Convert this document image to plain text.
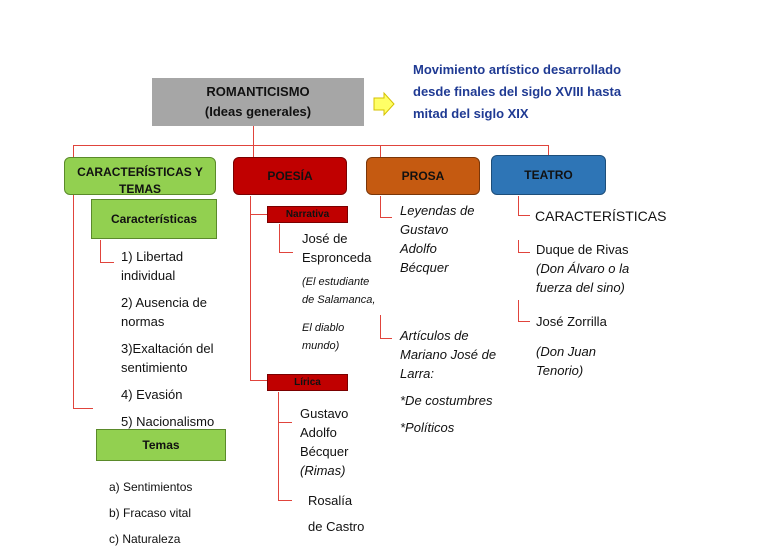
ROMANTICISMO
(Ideas generales)
Movimiento artístico desarrollado
desde finales del siglo XVIII hasta
mitad del siglo XIX
CARACTERÍSTICAS Y TEMAS
POESÍA	PROSA	TEATRO
Características
1) Libertad
individual
2) Ausencia de
normas
3)Exaltación del
sentimiento
4) Evasión
5) Nacionalismo
Temas
a) Sentimientos
b) Fracaso vital
c) Naturaleza
Narrativa
José de
Espronceda
(El estudiante
de Salamanca,
El diablo
mundo)
Lírica
Gustavo
Adolfo
Bécquer
(Rimas)
Rosalía
de Castro
Leyendas de
Gustavo
Adolfo
Bécquer
Artículos de
Mariano José de
Larra:
*De costumbres
*Políticos
CARACTERÍSTICAS
Duque de Rivas
(Don Álvaro o la
fuerza del sino)
José Zorrilla
(Don Juan
Tenorio)
